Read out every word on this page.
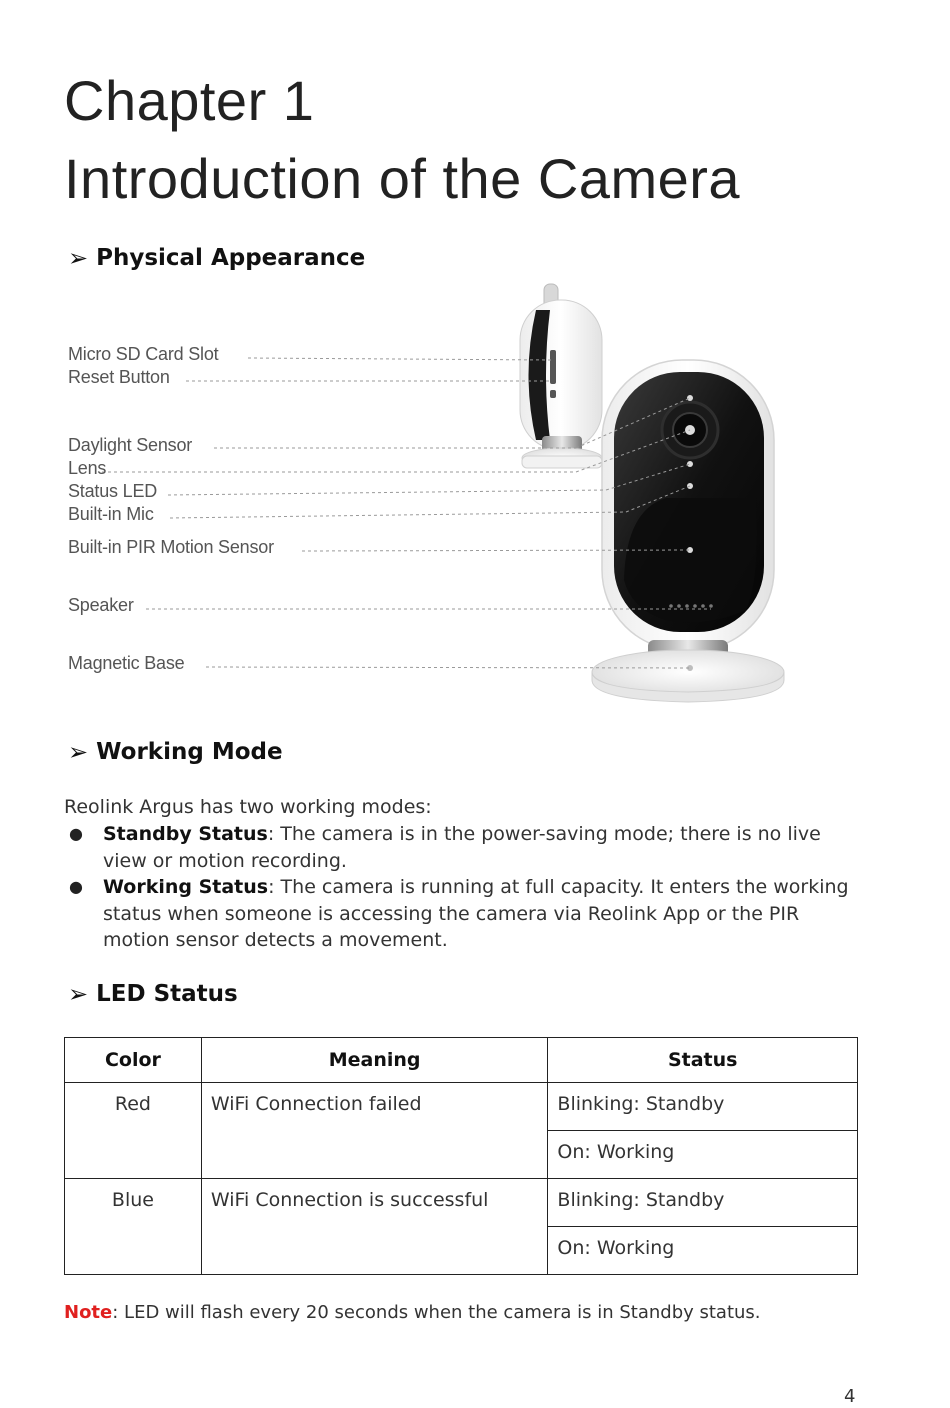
Chapter 1
Introduction of the Camera
➢ Physical Appearance
Micro SD Card Slot
Reset Button
Daylight Sensor
Lens
Status LED
Built-in Mic
Built-in PIR Motion Sensor
Speaker
Magnetic Base
➢ Working Mode

Reolink Argus has two working modes:

● Standby Status: The camera is in the power-saving mode; there is no live view or motion recording.
● Working Status: The camera is running at full capacity. It enters the working status when someone is accessing the camera via Reolink App or the PIR motion sensor detects a movement.
➢ LED Status
Color	Meaning	Status
Red	WiFi Connection failed	Blinking: Standby
		On: Working
Blue	WiFi Connection is successful	Blinking: Standby
		On: Working

Note: LED will flash every 20 seconds when the camera is in Standby status.

4
